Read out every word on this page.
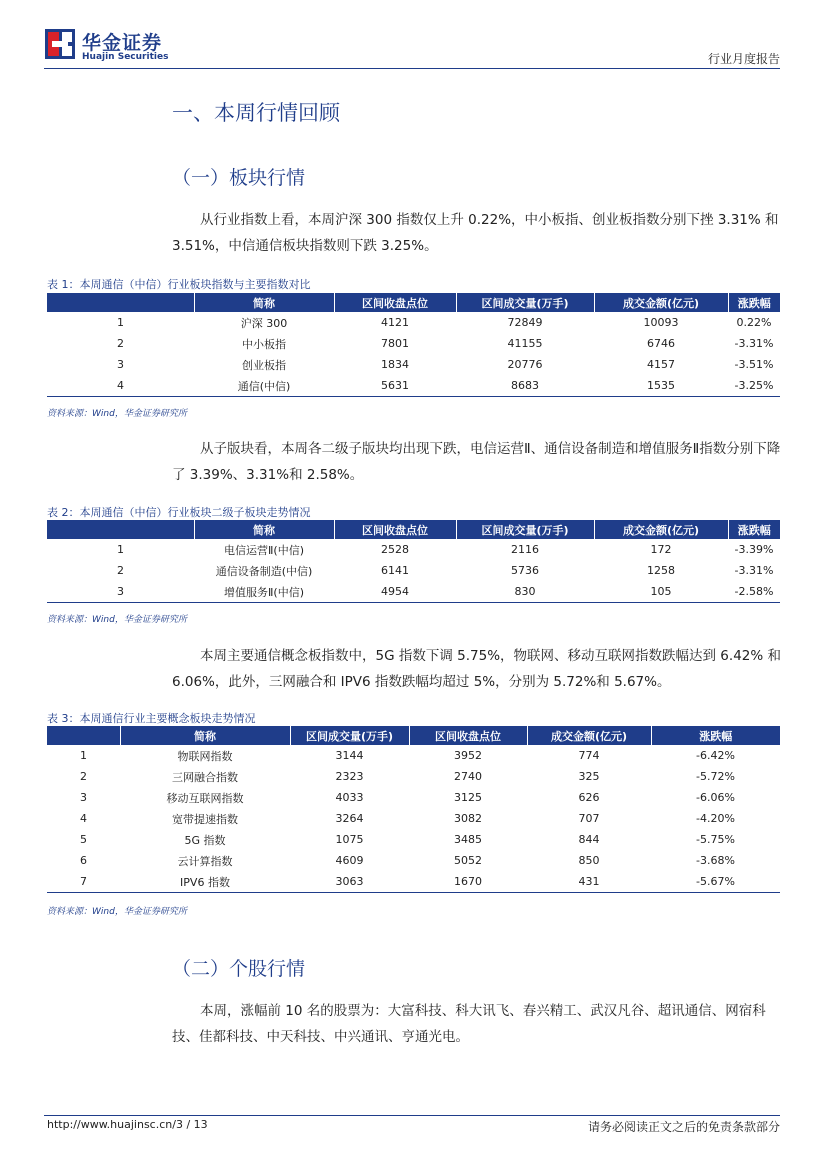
华金证券
Huajin Securities	行业月度报告
一、本周行情回顾
（一）板块行情
从行业指数上看，本周沪深 300 指数仅上升 0.22%，中小板指、创业板指数分别下挫 3.31% 和 3.51%，中信通信板块指数则下跌 3.25%。
表 1：本周通信（中信）行业板块指数与主要指数对比
	简称	区间收盘点位	区间成交量(万手)	成交金额(亿元)	涨跌幅
1	沪深 300	4121	72849	10093	0.22%
2	中小板指	7801	41155	6746	-3.31%
3	创业板指	1834	20776	4157	-3.51%
4	通信(中信)	5631	8683	1535	-3.25%
资料来源：Wind，华金证券研究所
从子版块看，本周各二级子版块均出现下跌，电信运营Ⅱ、通信设备制造和增值服务Ⅱ指数分别下降了 3.39%、3.31%和 2.58%。
表 2：本周通信（中信）行业板块二级子板块走势情况
	简称	区间收盘点位	区间成交量(万手)	成交金额(亿元)	涨跌幅
1	电信运营Ⅱ(中信)	2528	2116	172	-3.39%
2	通信设备制造(中信)	6141	5736	1258	-3.31%
3	增值服务Ⅱ(中信)	4954	830	105	-2.58%
资料来源：Wind，华金证券研究所
本周主要通信概念板指数中，5G 指数下调 5.75%，物联网、移动互联网指数跌幅达到 6.42% 和 6.06%，此外，三网融合和 IPV6 指数跌幅均超过 5%，分别为 5.72%和 5.67%。
表 3：本周通信行业主要概念板块走势情况
	简称	区间成交量(万手)	区间收盘点位	成交金额(亿元)	涨跌幅
1	物联网指数	3144	3952	774	-6.42%
2	三网融合指数	2323	2740	325	-5.72%
3	移动互联网指数	4033	3125	626	-6.06%
4	宽带提速指数	3264	3082	707	-4.20%
5	5G 指数	1075	3485	844	-5.75%
6	云计算指数	4609	5052	850	-3.68%
7	IPV6 指数	3063	1670	431	-5.67%
资料来源：Wind，华金证券研究所
（二）个股行情
本周，涨幅前 10 名的股票为：大富科技、科大讯飞、春兴精工、武汉凡谷、超讯通信、网宿科技、佳都科技、中天科技、中兴通讯、亨通光电。
http://www.huajinsc.cn/3 / 13	请务必阅读正文之后的免责条款部分
